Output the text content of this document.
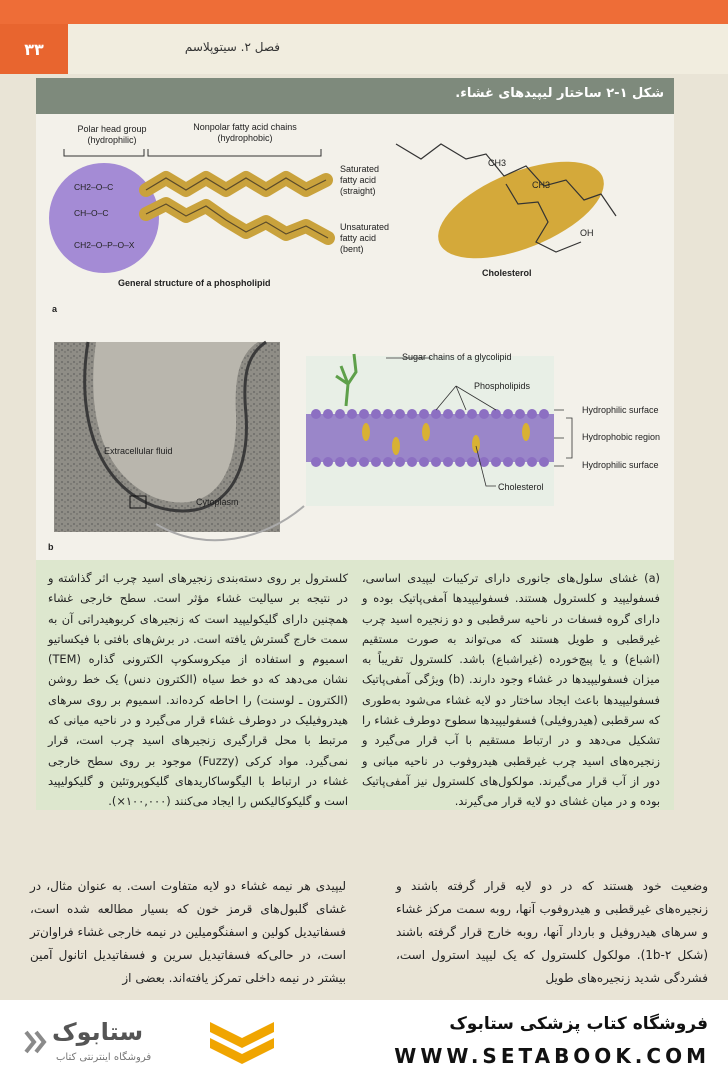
۳۳	فصل ۲. سیتوپلاسم
شکل ۱-۲ ساختار لیپیدهای غشاء.
Polar head group
(hydrophilic)
Nonpolar fatty acid chains
(hydrophobic)
Saturated
fatty acid
(straight)
Unsaturated
fatty acid
(bent)
CH2–O–C
CH–O–C
CH2–O–P–O–X
General structure of a phospholipid
Cholesterol
CH3
CH3
OH
a
Extracellular fluid
Cytoplasm
Sugar chains of a glycolipid
Phospholipids
Hydrophilic surface
Hydrophobic region
Hydrophilic surface
Cholesterol
b
(a) غشای سلول‌های جانوری دارای ترکیبات لیپیدی اساسی، فسفولیپید و کلسترول هستند. فسفولیپیدها آمفی‌پاتیک بوده و دارای گروه فسفات در ناحیه سرقطبی و دو زنجیره اسید چرب غیرقطبی و طویل هستند که می‌تواند به صورت مستقیم (اشباع) و یا پیچ‌خورده (غیراشباع) باشد. کلسترول تقریباً به میزان فسفولیپیدها در غشاء وجود دارند. (b) ویژگی آمفی‌پاتیک فسفولیپیدها باعث ایجاد ساختار دو لایه غشاء می‌شود به‌طوری که سرقطبی (هیدروفیلی) فسفولیپیدها سطوح دوطرف غشاء را تشکیل می‌دهد و در ارتباط مستقیم با آب قرار می‌گیرد و زنجیره‌های اسید چرب غیرقطبی هیدروفوب در ناحیه میانی و دور از آب قرار می‌گیرند. مولکول‌های کلسترول نیز آمفی‌پاتیک بوده و در میان غشای دو لایه قرار می‌گیرند.
کلسترول بر روی دسته‌بندی زنجیرهای اسید چرب اثر گذاشته و در نتیجه بر سیالیت غشاء مؤثر است. سطح خارجی غشاء همچنین دارای گلیکولیپید است که زنجیرهای کربوهیدراتی آن به سمت خارج گسترش یافته است. در برش‌های بافتی با فیکساتیو اسمیوم و استفاده از میکروسکوپ الکترونی گذاره (TEM) نشان می‌دهد که دو خط سیاه (الکترون دنس) یک خط روشن (الکترون ـ لوسنت) را احاطه کرده‌اند. اسمیوم بر روی سرهای هیدروفیلیک در دوطرف غشاء قرار می‌گیرد و در ناحیه میانی که مرتبط با محل قرارگیری زنجیرهای اسید چرب است، قرار نمی‌گیرد. مواد کرکی (Fuzzy) موجود بر روی سطح خارجی غشاء در ارتباط با الیگوساکاریدهای گلیکوپروتئین و گلیکولیپید است و گلیکوکالیکس را ایجاد می‌کنند (۱۰۰,۰۰۰×).
وضعیت خود هستند که در دو لایه قرار گرفته باشند و زنجیره‌های غیرقطبی و هیدروفوب آنها، روبه سمت مرکز غشاء و سرهای هیدروفیل و باردار آنها، روبه خارج قرار گرفته باشند (شکل ۲-1b). مولکول کلسترول که یک لیپید استرول است، فشردگی شدید زنجیره‌های طویل
لیپیدی هر نیمه غشاء دو لایه متفاوت است. به عنوان مثال، در غشای گلبول‌های قرمز خون که بسیار مطالعه شده است، فسفاتیدیل کولین و اسفنگومیلین در نیمه خارجی غشاء فراوان‌تر است، در حالی‌که فسفاتیدیل سرین و فسفاتیدیل اتانول آمین بیشتر در نیمه داخلی تمرکز یافته‌اند. بعضی از
ستابوک
فروشگاه اینترنتی کتاب
فروشگاه کتاب پزشکی ستابوک
WWW.SETABOOK.COM
